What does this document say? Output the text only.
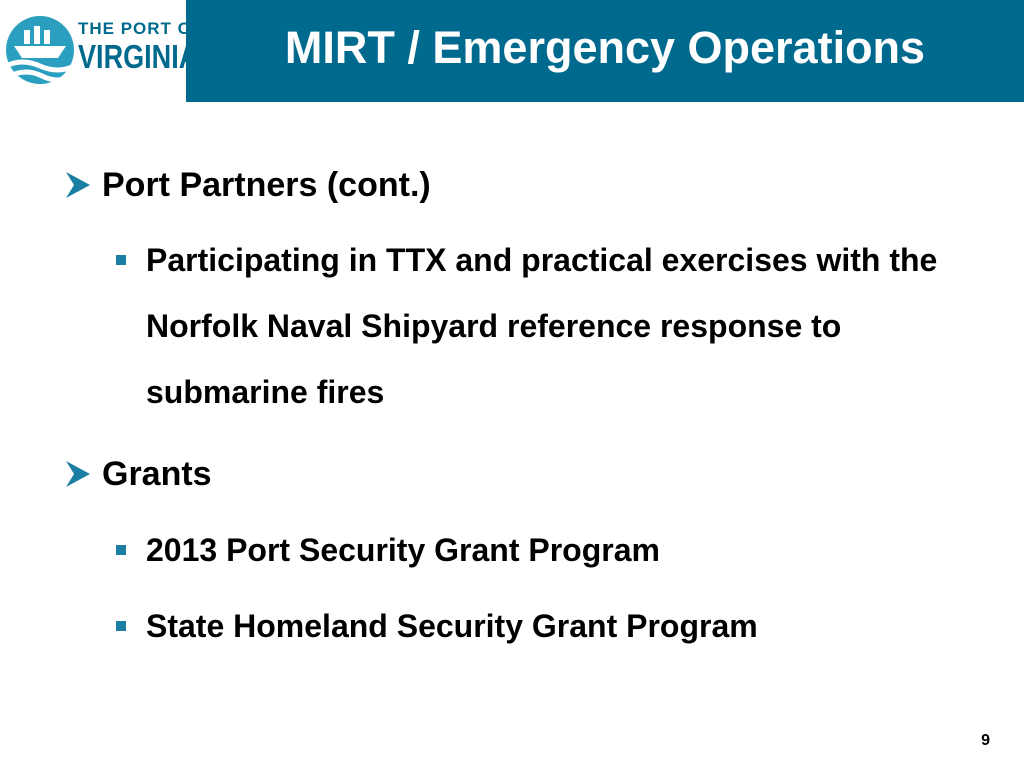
THE PORT OF
VIRGINIA	MIRT / Emergency Operations
Port Partners (cont.)
Participating in TTX and practical exercises with the Norfolk Naval Shipyard reference response to submarine fires
Grants
2013 Port Security Grant Program
State Homeland Security Grant Program
9
